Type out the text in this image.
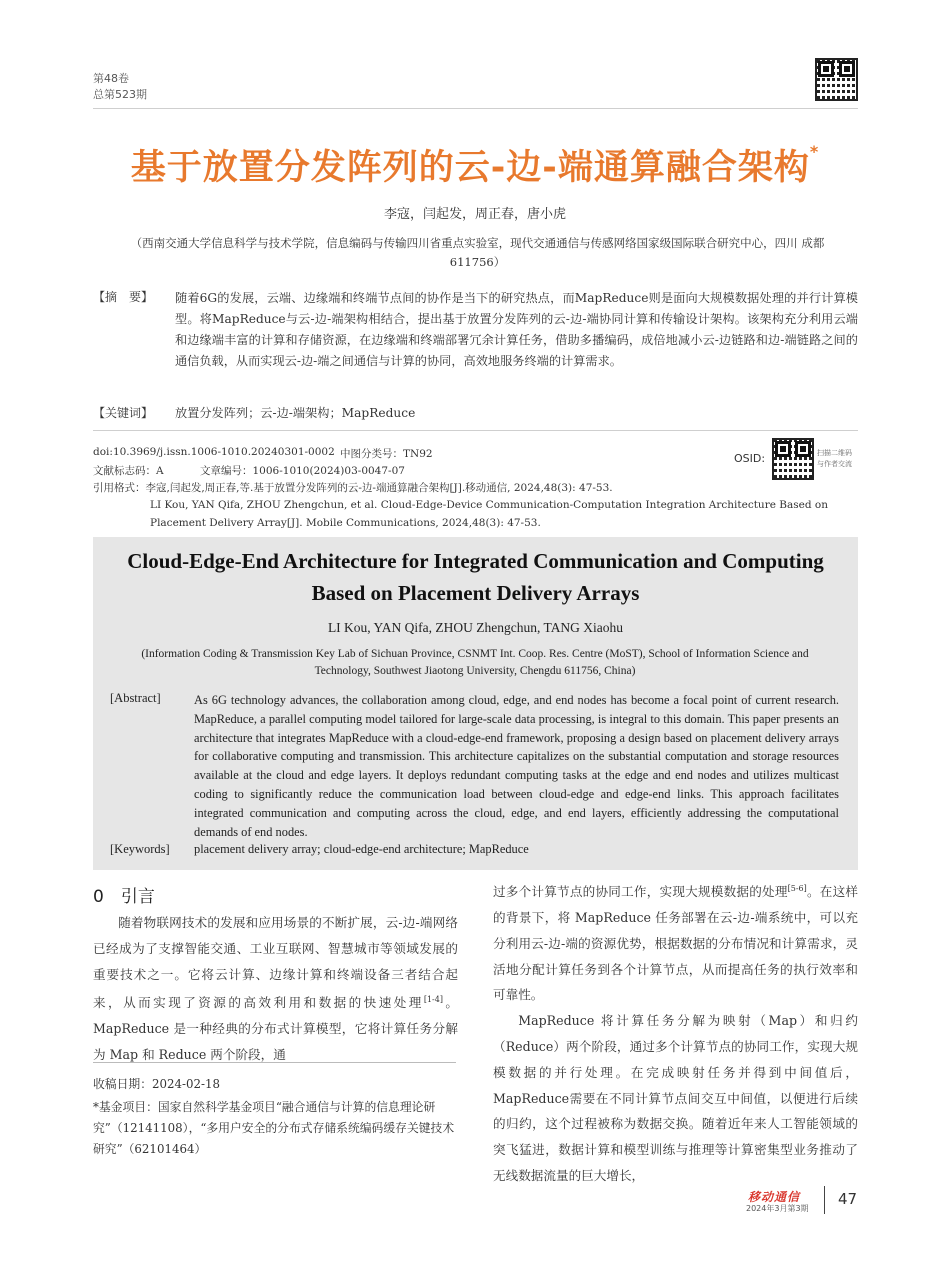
第48卷
总第523期
基于放置分发阵列的云-边-端通算融合架构*
李寇，闫起发，周正春，唐小虎
（西南交通大学信息科学与技术学院，信息编码与传输四川省重点实验室，现代交通通信与传感网络国家级国际联合研究中心，四川 成都 611756）
【摘　要】 随着6G的发展，云端、边缘端和终端节点间的协作是当下的研究热点，而MapReduce则是面向大规模数据处理的并行计算模型。将MapReduce与云-边-端架构相结合，提出基于放置分发阵列的云-边-端协同计算和传输设计架构。该架构充分利用云端和边缘端丰富的计算和存储资源，在边缘端和终端部署冗余计算任务，借助多播编码，成倍地减小云-边链路和边-端链路之间的通信负载，从而实现云-边-端之间通信与计算的协同，高效地服务终端的计算需求。
【关键词】 放置分发阵列；云-边-端架构；MapReduce
doi:10.3969/j.issn.1006-1010.20240301-0002 中图分类号：TN92
文献标志码：A	文章编号：1006-1010(2024)03-0047-07
引用格式：李寇,闫起发,周正春,等.基于放置分发阵列的云-边-端通算融合架构[J].移动通信, 2024,48(3): 47-53.
LI Kou, YAN Qifa, ZHOU Zhengchun, et al. Cloud-Edge-Device Communication-Computation Integration Architecture Based on Placement Delivery Array[J]. Mobile Communications, 2024,48(3): 47-53.
OSID:	扫描二维码
与作者交流
Cloud-Edge-End Architecture for Integrated Communication and Computing
Based on Placement Delivery Arrays
LI Kou, YAN Qifa, ZHOU Zhengchun, TANG Xiaohu
(Information Coding & Transmission Key Lab of Sichuan Province, CSNMT Int. Coop. Res. Centre (MoST), School of Information Science and Technology, Southwest Jiaotong University, Chengdu 611756, China)
[Abstract]	As 6G technology advances, the collaboration among cloud, edge, and end nodes has become a focal point of current research. MapReduce, a parallel computing model tailored for large-scale data processing, is integral to this domain. This paper presents an architecture that integrates MapReduce with a cloud-edge-end framework, proposing a design based on placement delivery arrays for collaborative computing and transmission. This architecture capitalizes on the substantial computation and storage resources available at the cloud and edge layers. It deploys redundant computing tasks at the edge and end nodes and utilizes multicast coding to significantly reduce the communication load between cloud-edge and edge-end links. This approach facilitates integrated communication and computing across the cloud, edge, and end layers, efficiently addressing the computational demands of end nodes.
[Keywords] placement delivery array; cloud-edge-end architecture; MapReduce
0　引言

随着物联网技术的发展和应用场景的不断扩展，云-边-端网络已经成为了支撑智能交通、工业互联网、智慧城市等领域发展的重要技术之一。它将云计算、边缘计算和终端设备三者结合起来，从而实现了资源的高效利用和数据的快速处理[1-4]。MapReduce 是一种经典的分布式计算模型，它将计算任务分解为 Map 和 Reduce 两个阶段，通

过多个计算节点的协同工作，实现大规模数据的处理[5-6]。在这样的背景下，将 MapReduce 任务部署在云-边-端系统中，可以充分利用云-边-端的资源优势，根据数据的分布情况和计算需求，灵活地分配计算任务到各个计算节点，从而提高任务的执行效率和可靠性。

MapReduce 将计算任务分解为映射（Map）和归约（Reduce）两个阶段，通过多个计算节点的协同工作，实现大规模数据的并行处理。在完成映射任务并得到中间值后，MapReduce需要在不同计算节点间交互中间值，以便进行后续的归约，这个过程被称为数据交换。随着近年来人工智能领域的突飞猛进，数据计算和模型训练与推理等计算密集型业务推动了无线数据流量的巨大增长，

收稿日期：2024-02-18
*基金项目：国家自然科学基金项目“融合通信与计算的信息理论研究”（12141108），“多用户安全的分布式存储系统编码缓存关键技术研究”（62101464）
移动通信
2024年3月第3期
47
